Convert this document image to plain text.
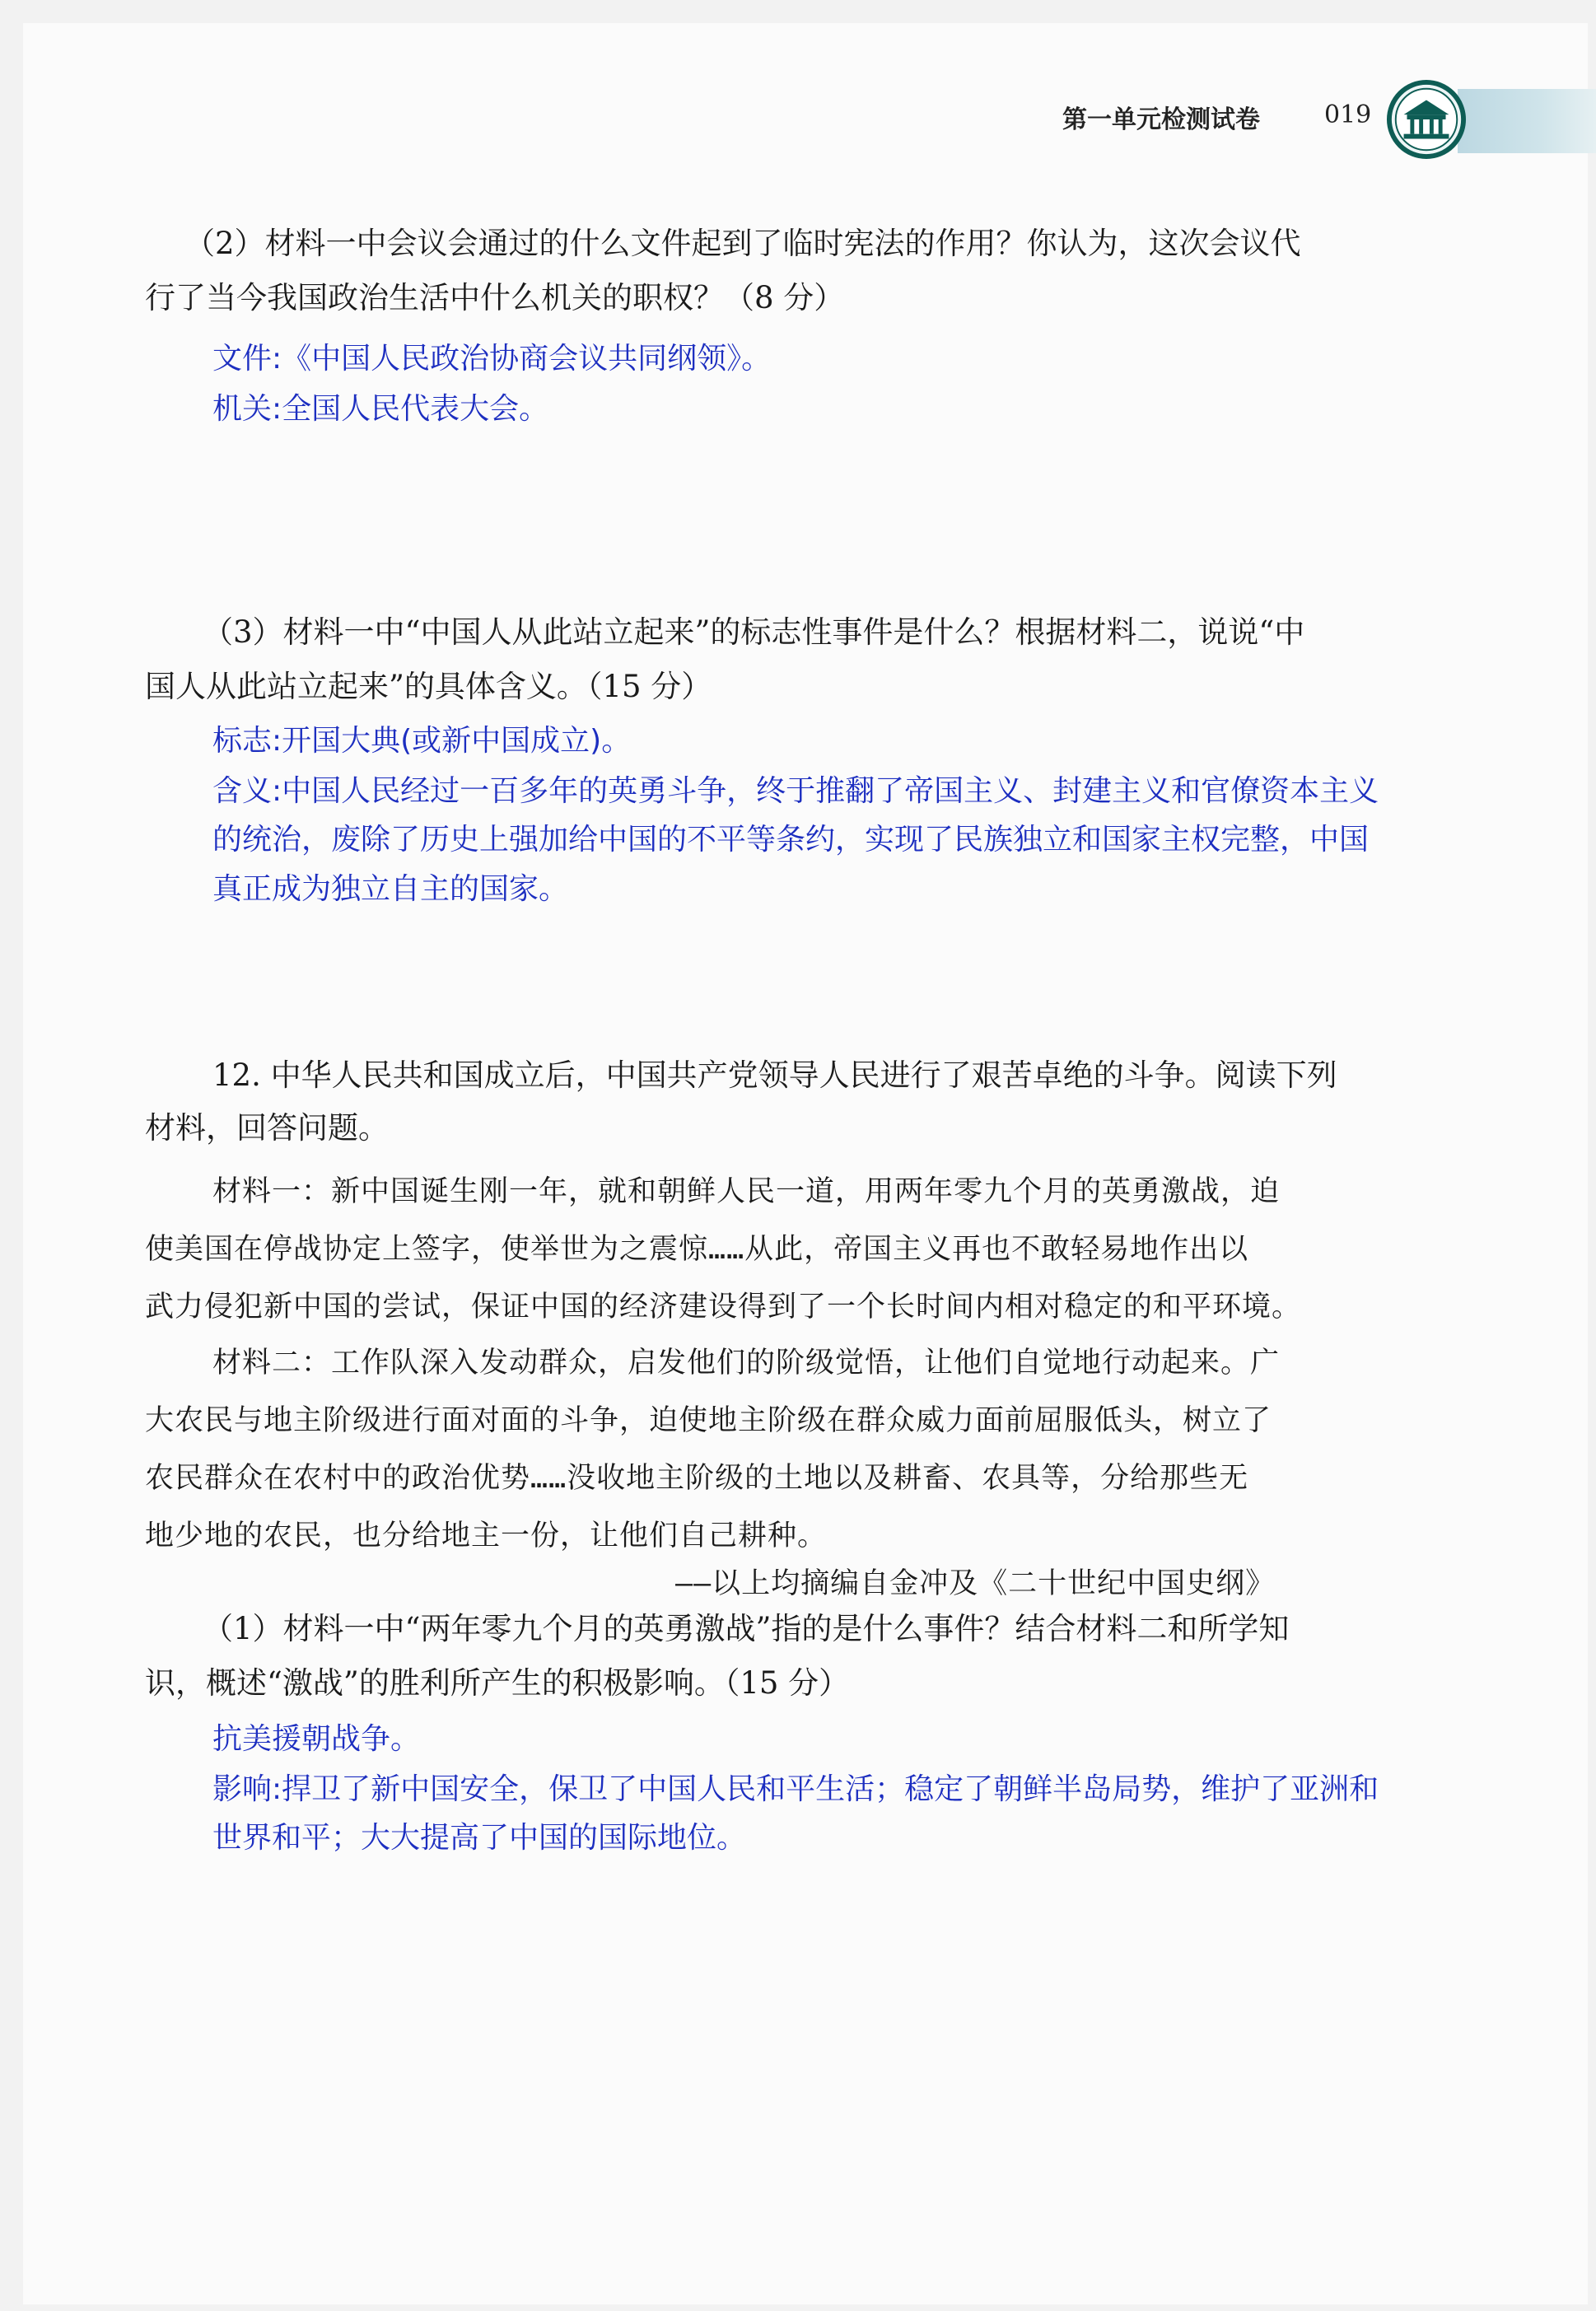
第一单元检测试卷	019
（2）材料一中会议会通过的什么文件起到了临时宪法的作用？你认为，这次会议代
行了当今我国政治生活中什么机关的职权？（8 分）
文件:《中国人民政治协商会议共同纲领》。
机关:全国人民代表大会。
（3）材料一中“中国人从此站立起来”的标志性事件是什么？根据材料二，说说“中
国人从此站立起来”的具体含义。（15 分）
标志:开国大典(或新中国成立)。
含义:中国人民经过一百多年的英勇斗争，终于推翻了帝国主义、封建主义和官僚资本主义
的统治，废除了历史上强加给中国的不平等条约，实现了民族独立和国家主权完整，中国
真正成为独立自主的国家。
12. 中华人民共和国成立后，中国共产党领导人民进行了艰苦卓绝的斗争。阅读下列
材料，回答问题。
材料一：新中国诞生刚一年，就和朝鲜人民一道，用两年零九个月的英勇激战，迫
使美国在停战协定上签字，使举世为之震惊……从此，帝国主义再也不敢轻易地作出以
武力侵犯新中国的尝试，保证中国的经济建设得到了一个长时间内相对稳定的和平环境。
材料二：工作队深入发动群众，启发他们的阶级觉悟，让他们自觉地行动起来。广
大农民与地主阶级进行面对面的斗争，迫使地主阶级在群众威力面前屈服低头，树立了
农民群众在农村中的政治优势……没收地主阶级的土地以及耕畜、农具等，分给那些无
地少地的农民，也分给地主一份，让他们自己耕种。
——以上均摘编自金冲及《二十世纪中国史纲》
（1）材料一中“两年零九个月的英勇激战”指的是什么事件？结合材料二和所学知
识，概述“激战”的胜利所产生的积极影响。（15 分）
抗美援朝战争。
影响:捍卫了新中国安全，保卫了中国人民和平生活；稳定了朝鲜半岛局势，维护了亚洲和
世界和平；大大提高了中国的国际地位。
